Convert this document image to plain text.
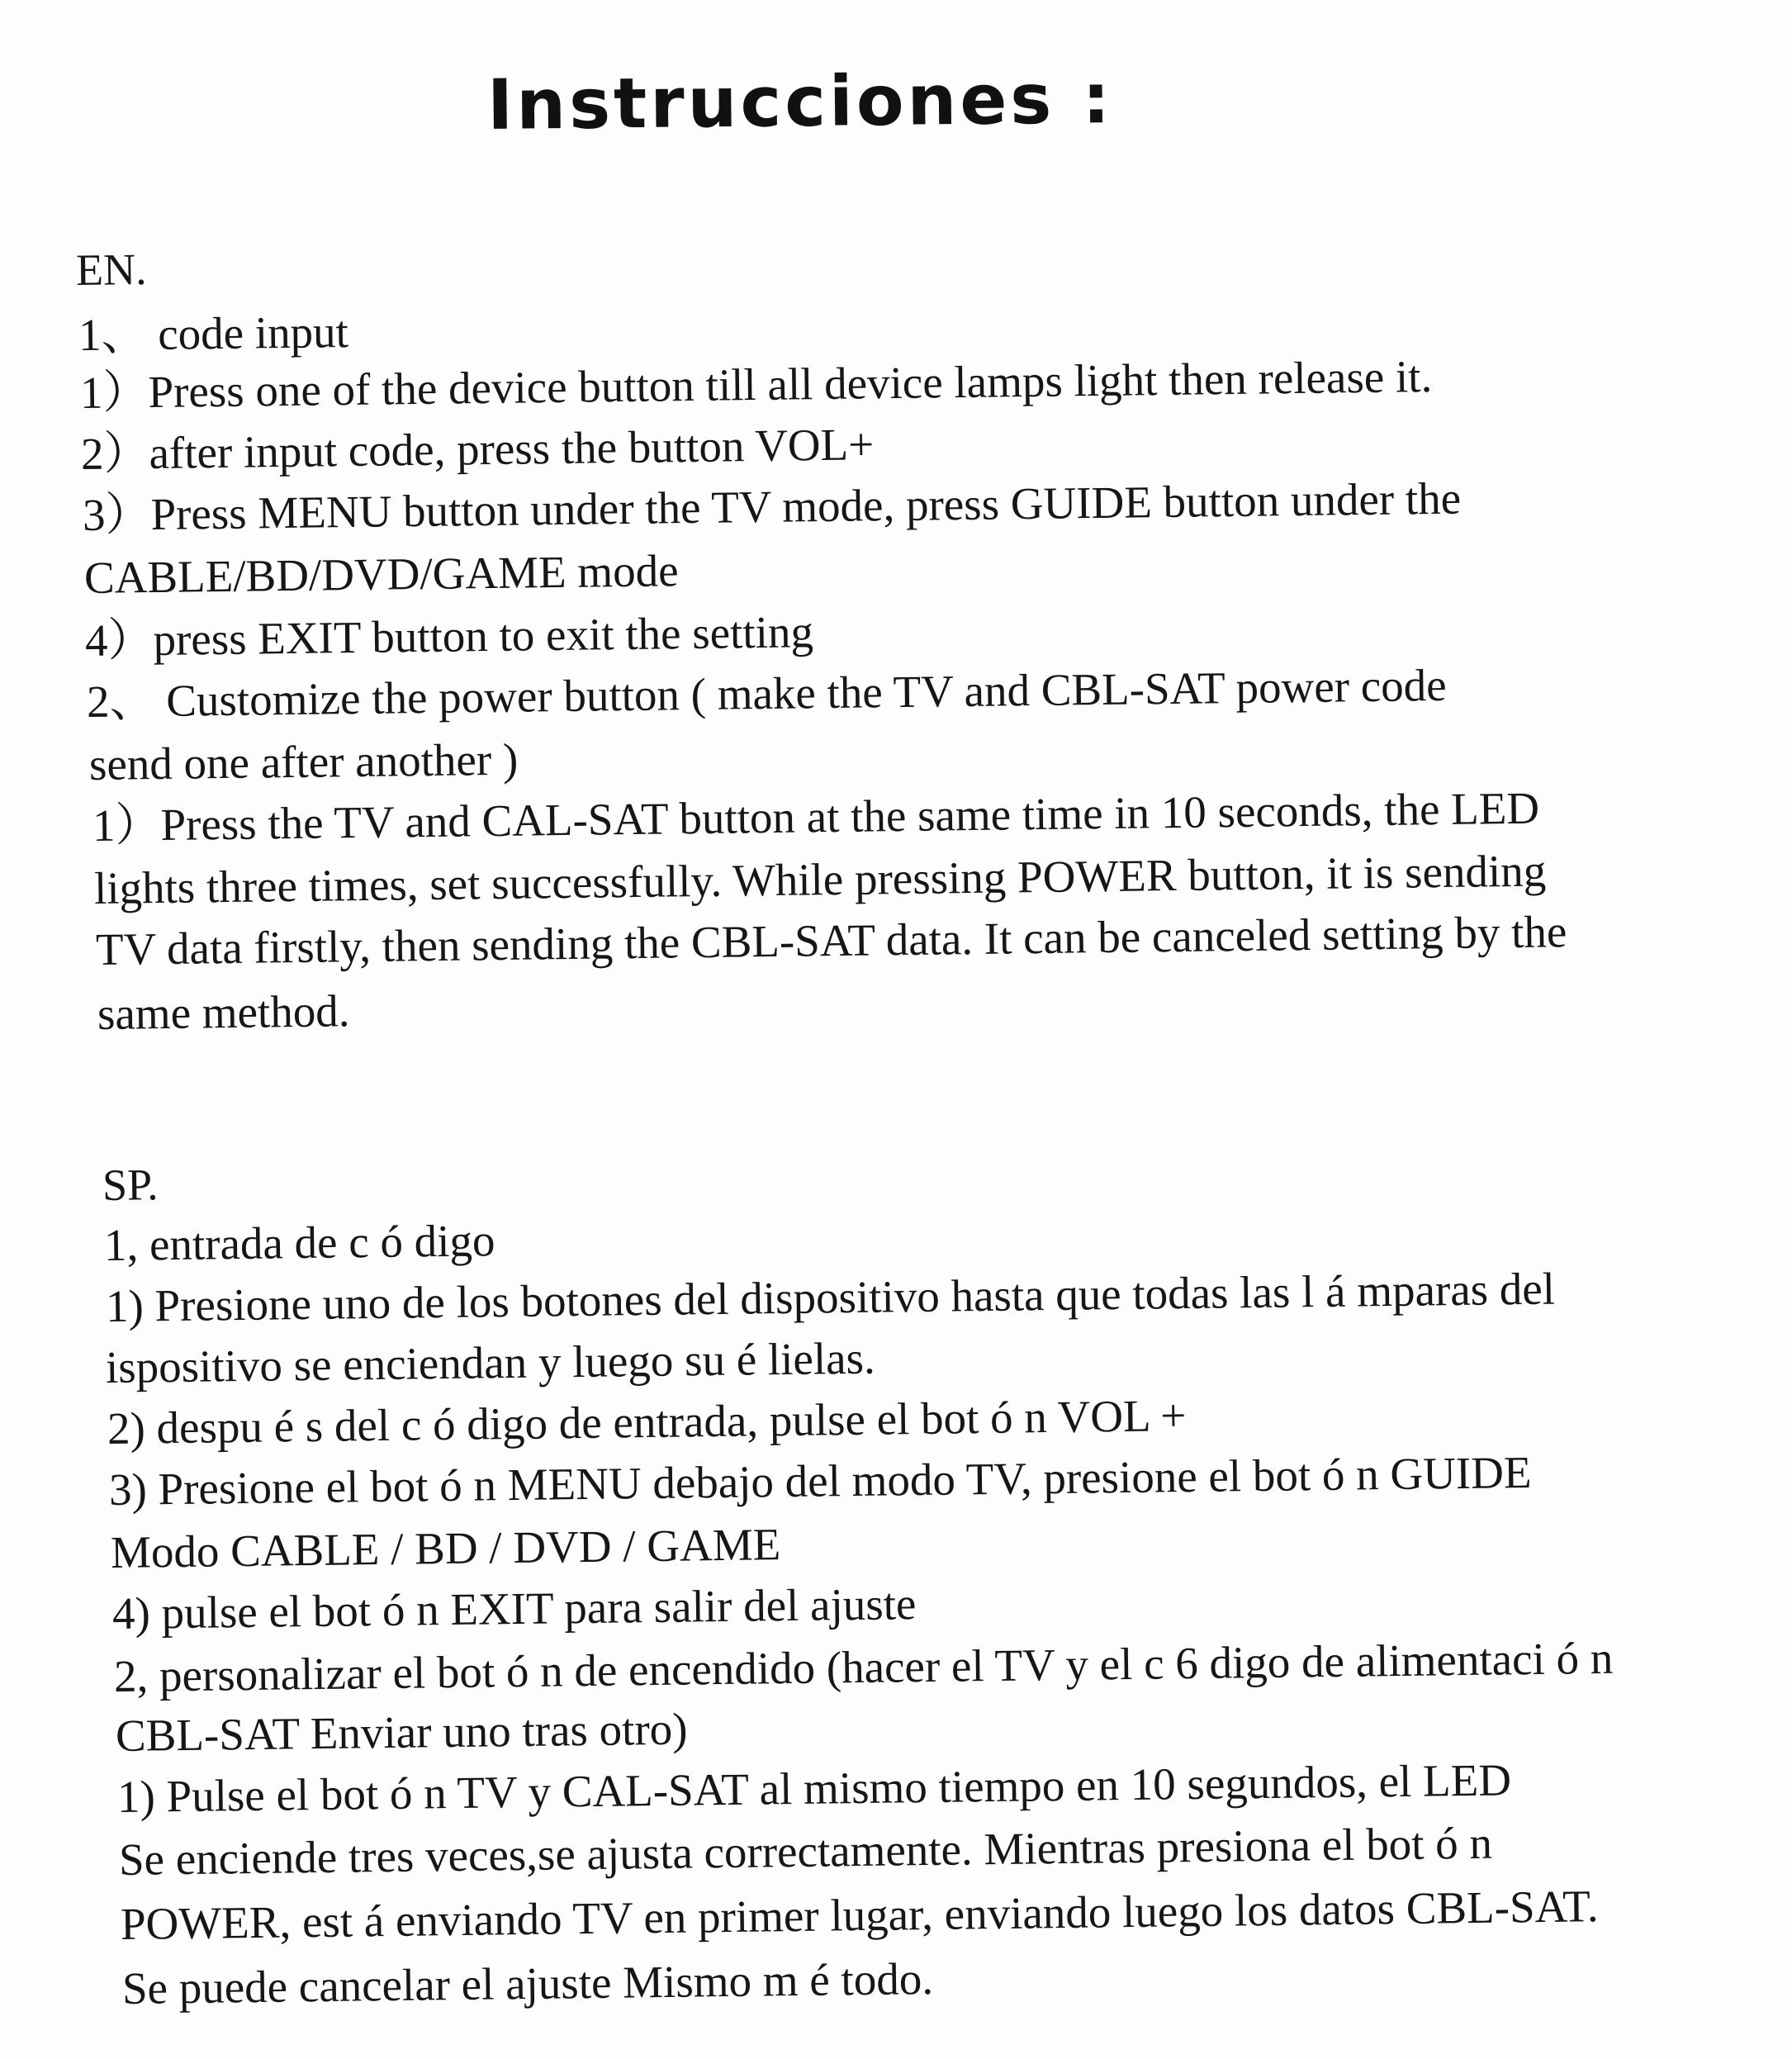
Instrucciones :
EN.
1、 code input
1）Press one of the device button till all device lamps light then release it.
2）after input code, press the button VOL+
3）Press MENU button under the TV mode, press GUIDE button under the
CABLE/BD/DVD/GAME mode
4）press EXIT button to exit the setting
2、 Customize the power button ( make the TV and CBL-SAT power code
send one after another )
1）Press the TV and CAL-SAT button at the same time in 10 seconds, the LED
lights three times, set successfully. While pressing POWER button, it is sending
TV data firstly, then sending the CBL-SAT data. It can be canceled setting by the
same method.
SP.
1, entrada de c ó digo
1) Presione uno de los botones del dispositivo hasta que todas las l á mparas del
ispositivo se enciendan y luego su é lielas.
2) despu é s del c ó digo de entrada, pulse el bot ó n VOL +
3) Presione el bot ó n MENU debajo del modo TV, presione el bot ó n GUIDE
Modo CABLE / BD / DVD / GAME
4) pulse el bot ó n EXIT para salir del ajuste
2, personalizar el bot ó n de encendido (hacer el TV y el c 6 digo de alimentaci ó n
CBL-SAT Enviar uno tras otro)
1) Pulse el bot ó n TV y CAL-SAT al mismo tiempo en 10 segundos, el LED
Se enciende tres veces,se ajusta correctamente. Mientras presiona el bot ó n
POWER, est á enviando TV en primer lugar, enviando luego los datos CBL-SAT.
Se puede cancelar el ajuste Mismo m é todo.
